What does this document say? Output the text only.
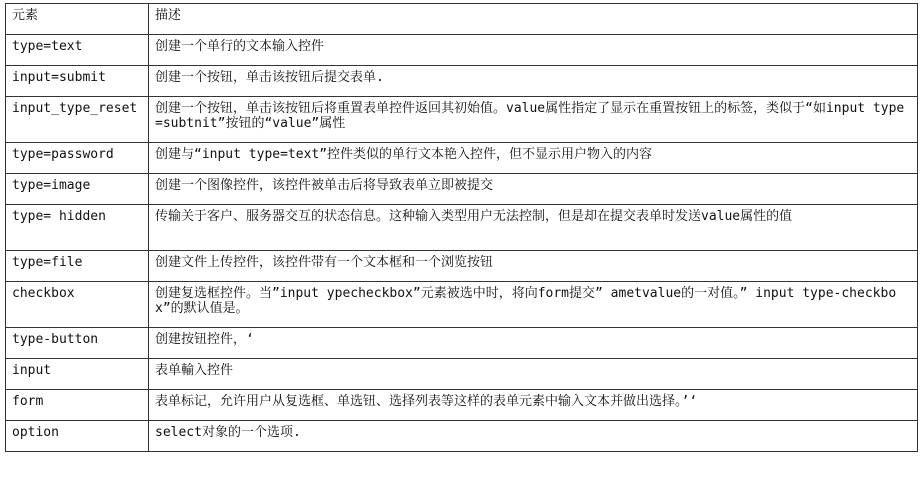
元素	描述
type=text	创建一个单行的文本输入控件
input=submit	创建一个按钮，单击该按钮后提交表单.
input_type_reset	创建一个按钮，单击该按钮后将重置表单控件返回其初始值。value属性指定了显示在重置按钮上的标签，类似于“如input type=subtnit”按钮的“value”属性
type=password	创建与“input type=text”控件类似的单行文本艳入控件，但不显示用户物入的内容
type=image	创建一个图像控件，该控件被单击后将导致表单立即被提交
type= hidden	传输关于客户、服务器交互的状态信息。这种输入类型用户无法控制，但是却在提交表单时发送value属性的值
type=file	创建文件上传控件，该控件带有一个文本框和一个浏览按钮
checkbox	创建复选框控件。当”input ypecheckbox”元素被选中时，将向form提交” ametvalue的一对值。” input type-checkbox”的默认值是。
type-button	创建按钮控件，‘
input	表单輸入控件
form	表单标记，允许用户从复选框、单选钮、选择列表等这样的表单元素中输入文本并做出选择。’‘
option	select对象的一个选项.
